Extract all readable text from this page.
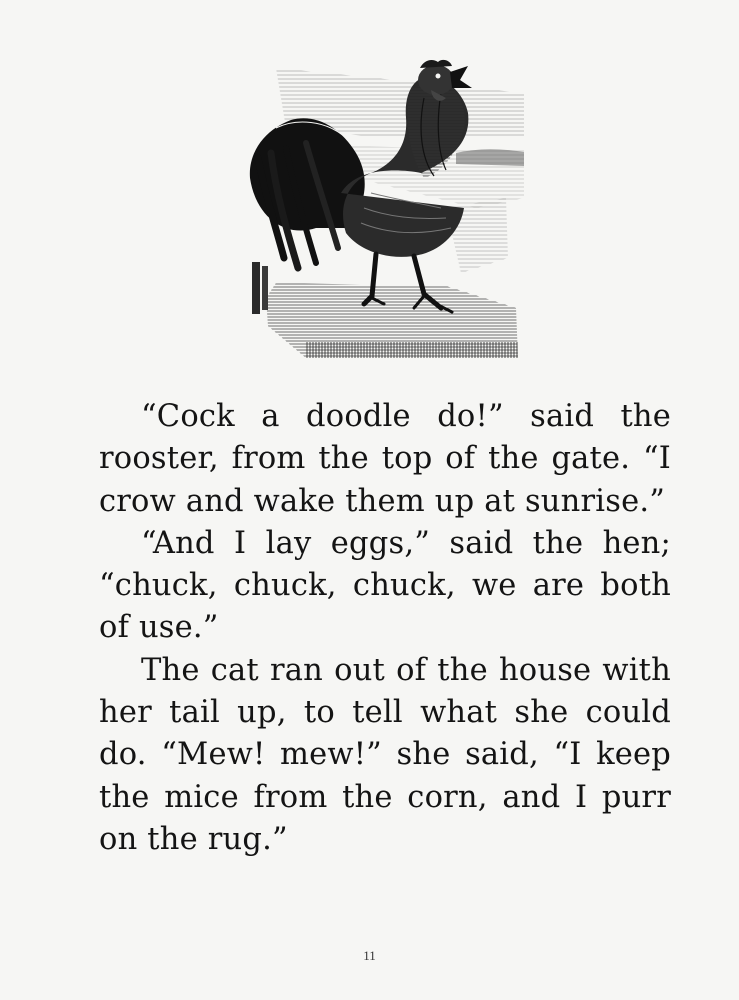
“Cock a doodle do!” said the rooster, from the top of the gate. “I crow and wake them up at sunrise.”

“And I lay eggs,” said the hen; “chuck, chuck, chuck, we are both of use.”

The cat ran out of the house with her tail up, to tell what she could do. “Mew! mew!” she said, “I keep the mice from the corn, and I purr on the rug.”

11
